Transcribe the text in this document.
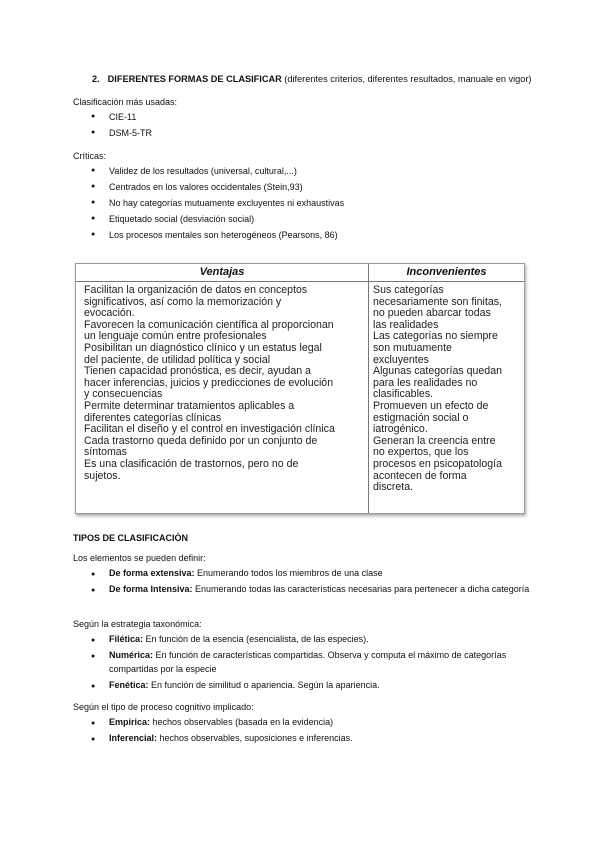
2. DIFERENTES FORMAS DE CLASIFICAR (diferentes criterios, diferentes resultados, manuale en vigor)
Clasificación más usadas:
● CIE-11
● DSM-5-TR
Críticas:
● Validez de los resultados (universal, cultural,...)
● Centrados en los valores occidentales (Stein,93)
● No hay categorías mutuamente excluyentes ni exhaustivas
● Etiquetado social (desviación social)
● Los procesos mentales son heterogéneos (Pearsons, 86)
Ventajas	Inconvenientes
Facilitan la organización de datos en conceptos
significativos, así como la memorización y
evocación.
Favorecen la comunicación científica al proporcionan
un lenguaje común entre profesionales
Posibilitan un diagnóstico clínico y un estatus legal
del paciente, de utilidad política y social
Tienen capacidad pronóstica, es decir, ayudan a
hacer inferencias, juicios y predicciones de evolución
y consecuencias
Permite determinar tratamientos aplicables a
diferentes categorías clínicas
Facilitan el diseño y el control en investigación clínica
Cada trastorno queda definido por un conjunto de
síntomas
Es una clasificación de trastornos, pero no de
sujetos.
Sus categorías
necesariamente son finitas,
no pueden abarcar todas
las realidades
Las categorías no siempre
son mutuamente
excluyentes
Algunas categorías quedan
para les realidades no
clasificables.
Promueven un efecto de
estigmación social o
iatrogénico.
Generan la creencia entre
no expertos, que los
procesos en psicopatología
acontecen de forma
discreta.
TIPOS DE CLASIFICACIÓN
Los elementos se pueden definir:
● De forma extensiva: Enumerando todos los miembros de una clase
● De forma Intensiva: Enumerando todas las características necesarias para pertenecer a dicha categoría
Según la estrategia taxonómica:
● Filética: En función de la esencia (esencialista, de las especies).
● Numérica: En función de características compartidas. Observa y computa el máximo de categorías compartidas por la especie
● Fenética: En función de similitud o apariencia. Según la apariencia.
Según el tipo de proceso cognitivo implicado:
● Empírica: hechos observables (basada en la evidencia)
● Inferencial: hechos observables, suposiciones e inferencias.
